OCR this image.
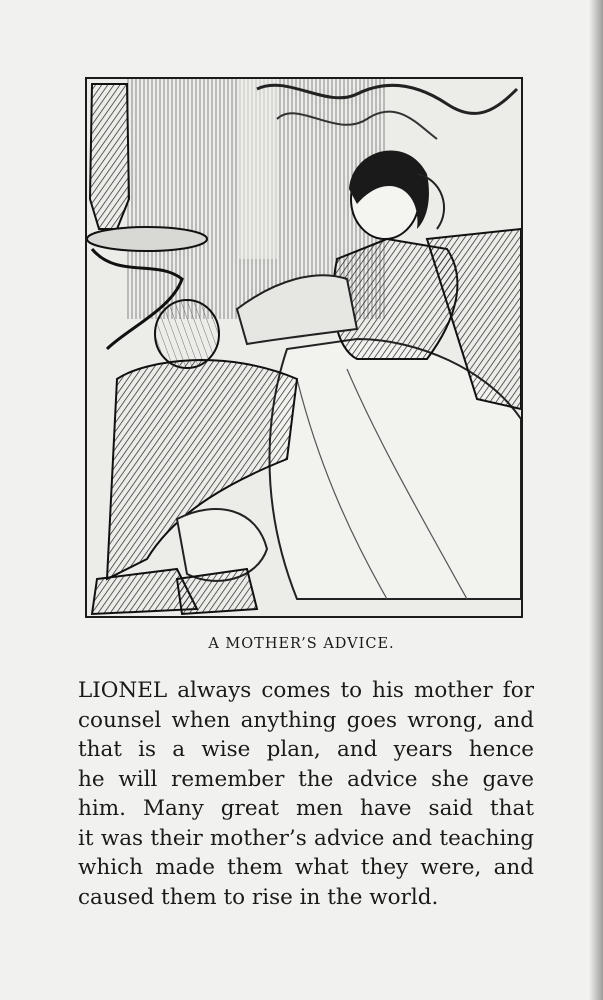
A MOTHER’S ADVICE.
LIONEL always comes to his mother for
counsel when anything goes wrong, and
that is a wise plan, and years hence
he will remember the advice she gave
him. Many great men have said that
it was their mother’s advice and teaching
which made them what they were, and
caused them to rise in the world.
